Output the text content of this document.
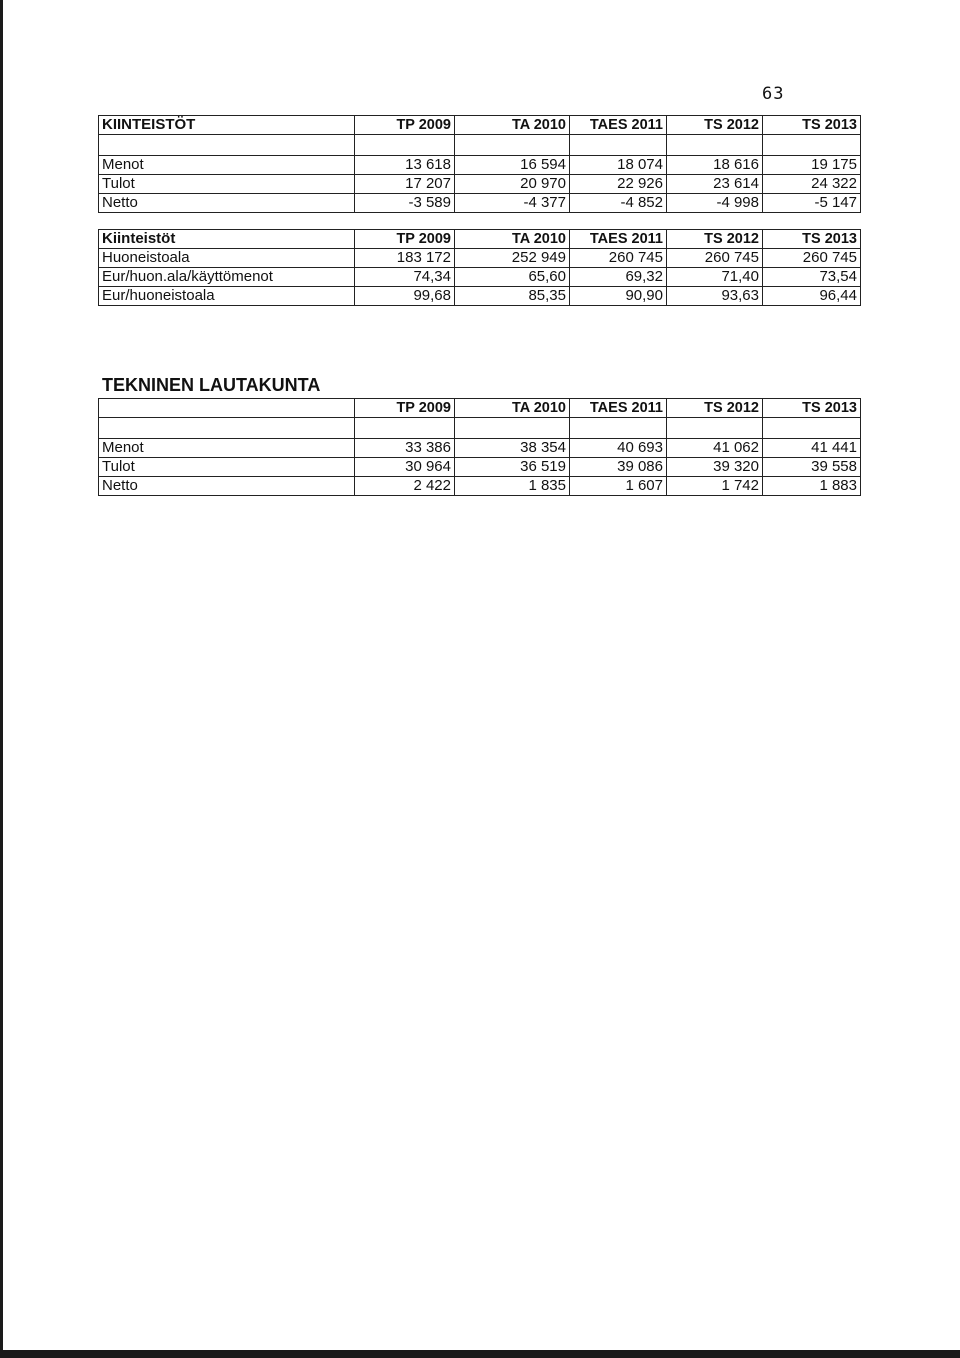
63
KIINTEISTÖT	TP 2009	TA 2010	TAES 2011	TS 2012	TS 2013

Menot	13 618	16 594	18 074	18 616	19 175
Tulot	17 207	20 970	22 926	23 614	24 322
Netto	-3 589	-4 377	-4 852	-4 998	-5 147

Kiinteistöt	TP 2009	TA 2010	TAES 2011	TS 2012	TS 2013
Huoneistoala	183 172	252 949	260 745	260 745	260 745
Eur/huon.ala/käyttömenot	74,34	65,60	69,32	71,40	73,54
Eur/huoneistoala	99,68	85,35	90,90	93,63	96,44
TEKNINEN LAUTAKUNTA
	TP 2009	TA 2010	TAES 2011	TS 2012	TS 2013

Menot	33 386	38 354	40 693	41 062	41 441
Tulot	30 964	36 519	39 086	39 320	39 558
Netto	2 422	1 835	1 607	1 742	1 883
